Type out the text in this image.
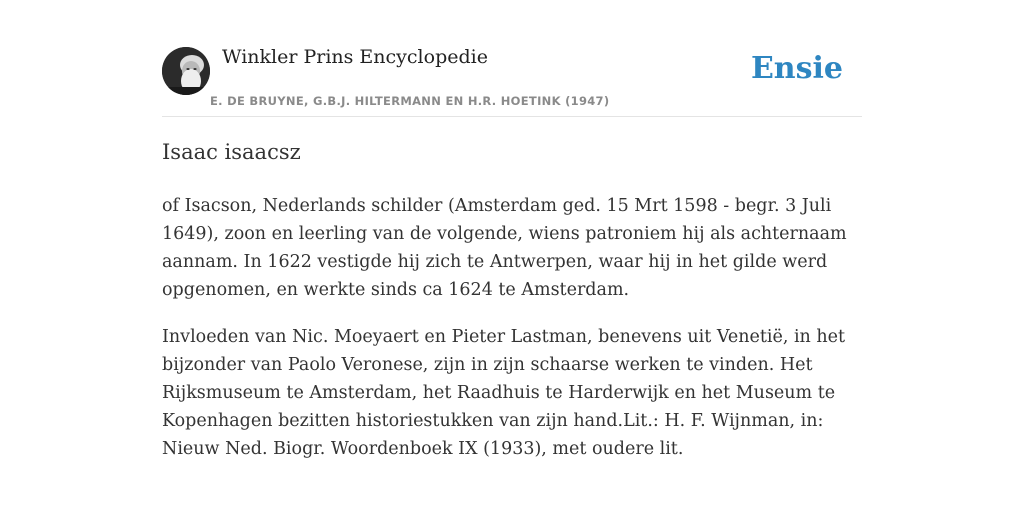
Winkler Prins Encyclopedie
E. DE BRUYNE, G.B.J. HILTERMANN EN H.R. HOETINK (1947)
Ensie
Isaac isaacsz

of Isacson, Nederlands schilder (Amsterdam ged. 15 Mrt 1598 - begr. 3 Juli 1649), zoon en leerling van de volgende, wiens patroniem hij als achternaam aannam. In 1622 vestigde hij zich te Antwerpen, waar hij in het gilde werd opgenomen, en werkte sinds ca 1624 te Amsterdam.

Invloeden van Nic. Moeyaert en Pieter Lastman, benevens uit Venetië, in het bijzonder van Paolo Veronese, zijn in zijn schaarse werken te vinden. Het Rijksmuseum te Amsterdam, het Raadhuis te Harderwijk en het Museum te Kopenhagen bezitten historiestukken van zijn hand.Lit.: H. F. Wijnman, in: Nieuw Ned. Biogr. Woordenboek IX (1933), met oudere lit.
